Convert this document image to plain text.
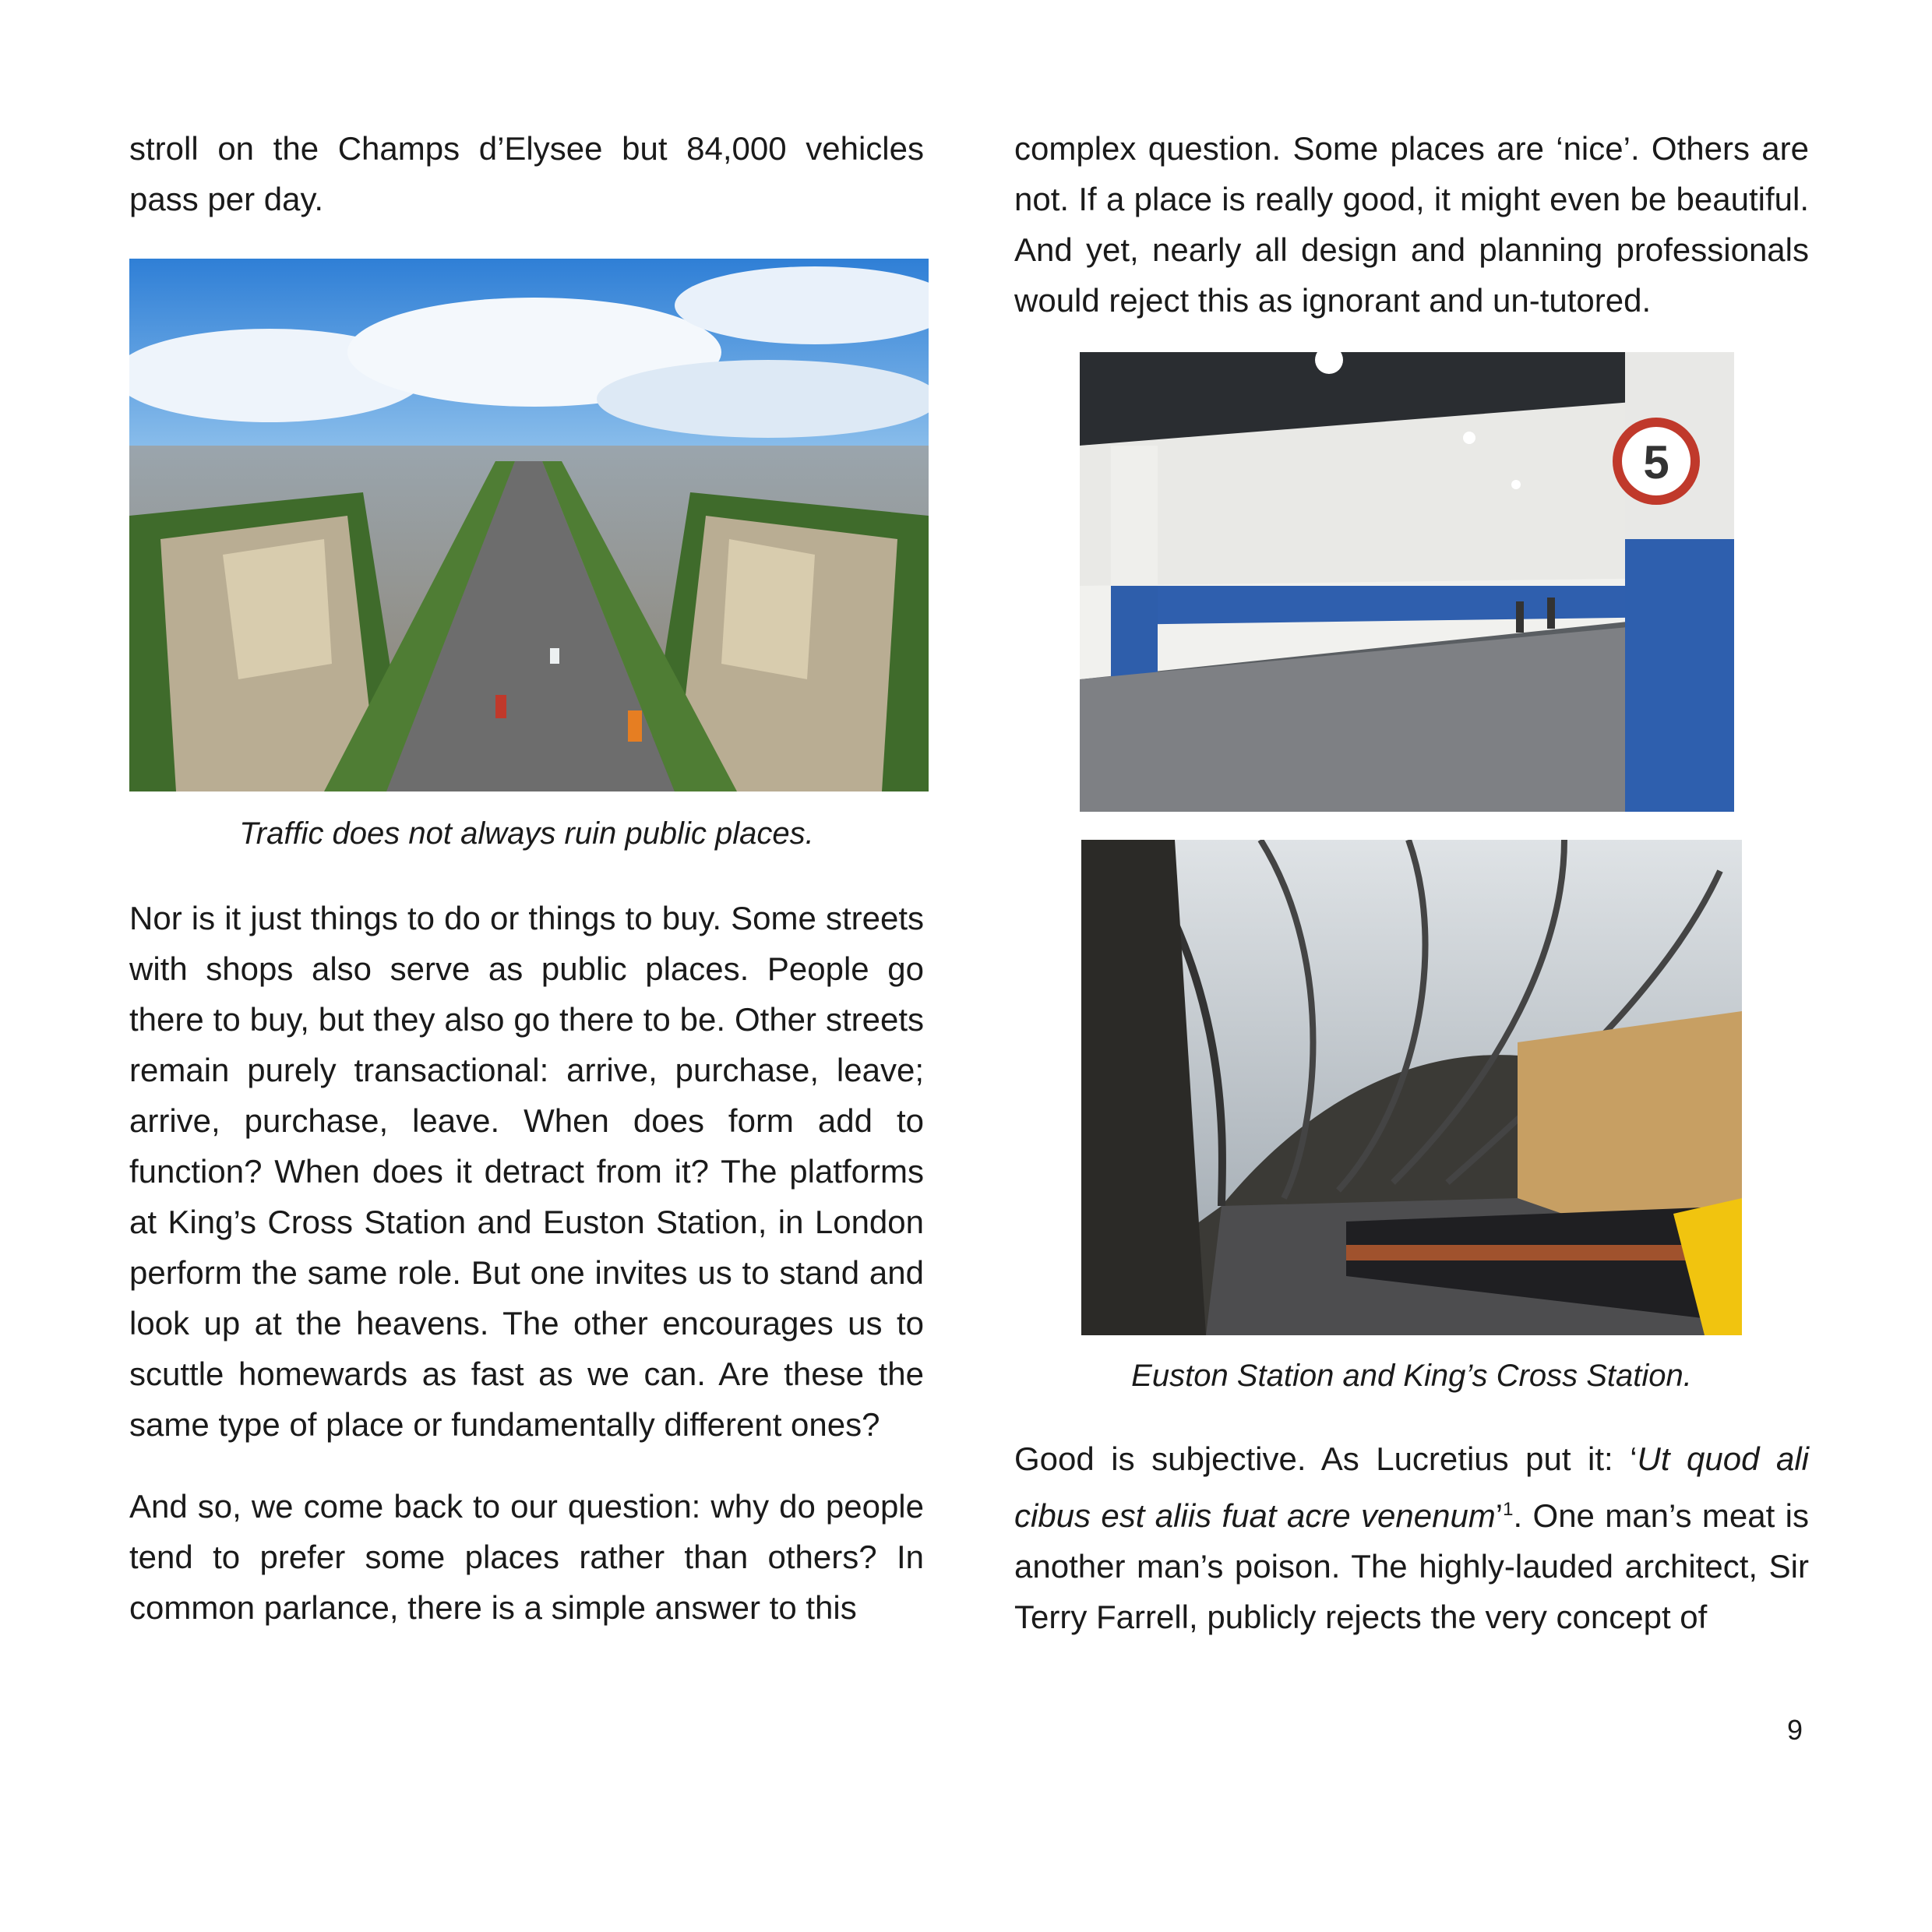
stroll on the Champs d’Elysee but 84,000 vehicles pass per day.

Traffic does not always ruin public places.

Nor is it just things to do or things to buy. Some streets with shops also serve as public places. People go there to buy, but they also go there to be. Other streets remain purely transactional: arrive, purchase, leave; arrive, purchase, leave. When does form add to function? When does it detract from it? The platforms at King’s Cross Station and Euston Station, in London perform the same role. But one invites us to stand and look up at the heavens. The other encourages us to scuttle homewards as fast as we can. Are these the same type of place or fundamentally different ones?

And so, we come back to our question: why do people tend to prefer some places rather than others? In common parlance, there is a simple answer to this

complex question. Some places are ‘nice’. Others are not. If a place is really good, it might even be beautiful. And yet, nearly all design and planning professionals would reject this as ignorant and un-tutored.

5

Euston Station and King’s Cross Station.

Good is subjective. As Lucretius put it: ‘Ut quod ali cibus est aliis fuat acre venenum’$^1$. One man’s meat is another man’s poison. The highly-lauded architect, Sir Terry Farrell, publicly rejects the very concept of

9
